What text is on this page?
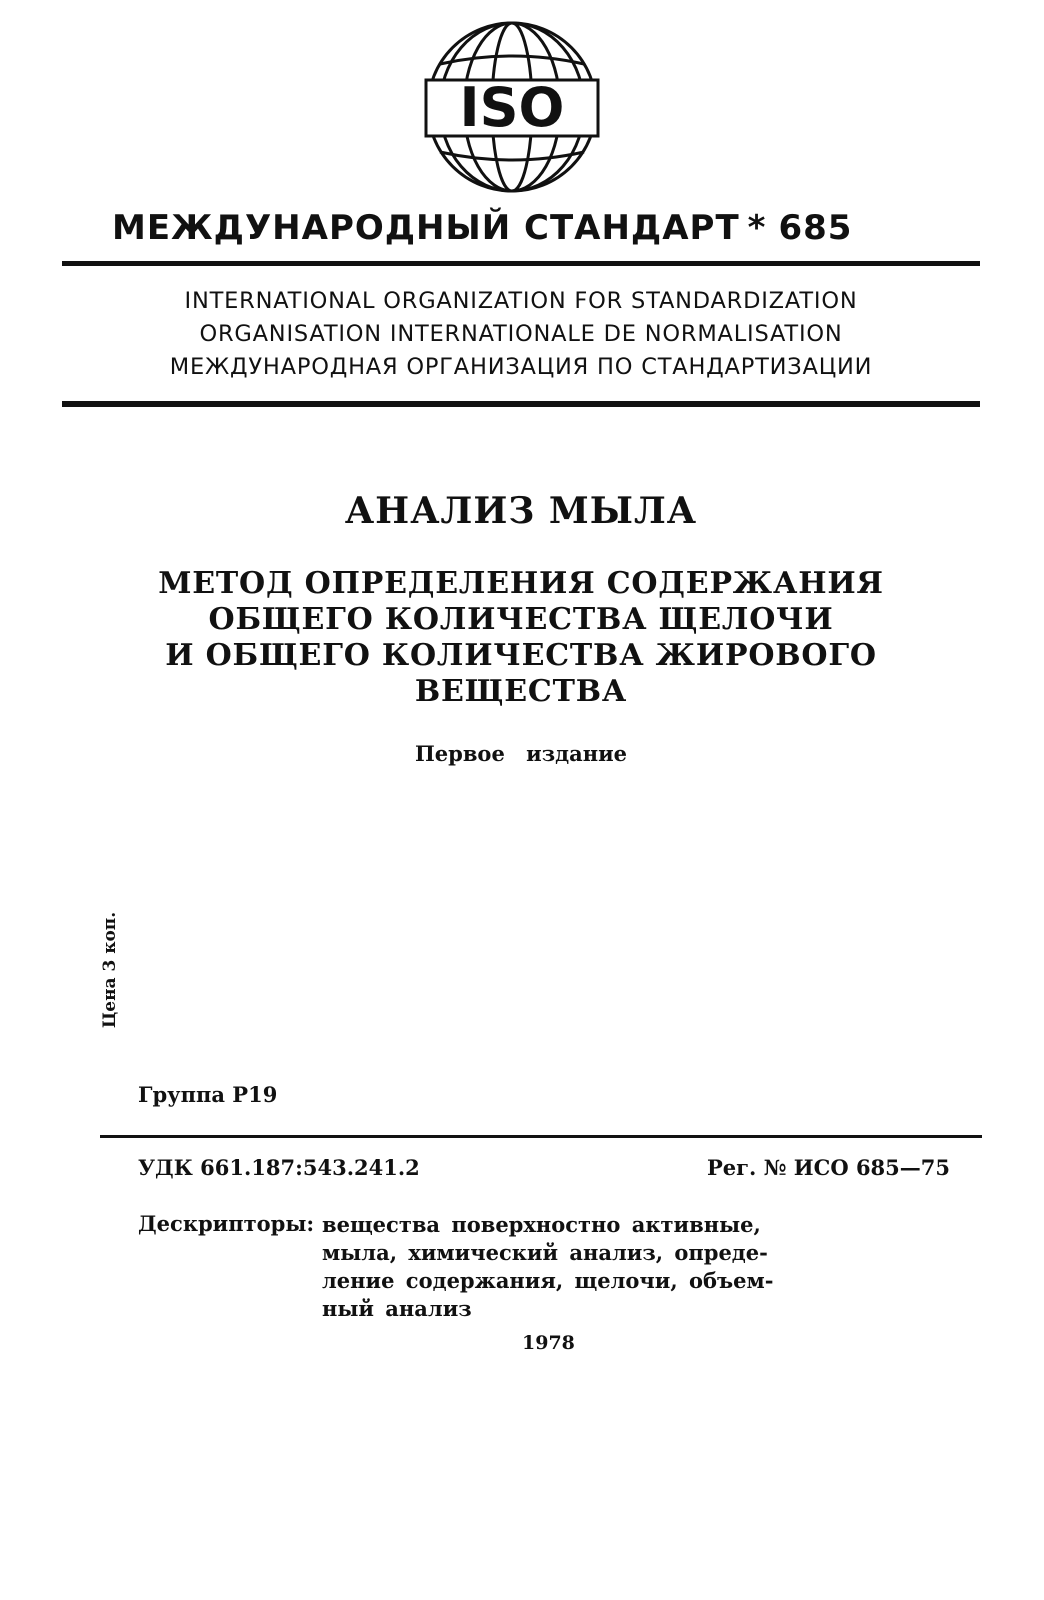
ISO
МЕЖДУНАРОДНЫЙ СТАНДАРТ * 685
INTERNATIONAL ORGANIZATION FOR STANDARDIZATION
ORGANISATION INTERNATIONALE DE NORMALISATION
МЕЖДУНАРОДНАЯ ОРГАНИЗАЦИЯ ПО СТАНДАРТИЗАЦИИ
АНАЛИЗ МЫЛА
МЕТОД ОПРЕДЕЛЕНИЯ СОДЕРЖАНИЯ
ОБЩЕГО КОЛИЧЕСТВА ЩЕЛОЧИ
И ОБЩЕГО КОЛИЧЕСТВА ЖИРОВОГО ВЕЩЕСТВА
Первое издание
Цена 3 коп.
Группа Р19
УДК 661.187:543.241.2	Рег. № ИСО 685—75
Дескрипторы: вещества поверхностно активные,
мыла, химический анализ, опреде-
ление содержания, щелочи, объем-
ный анализ
1978
